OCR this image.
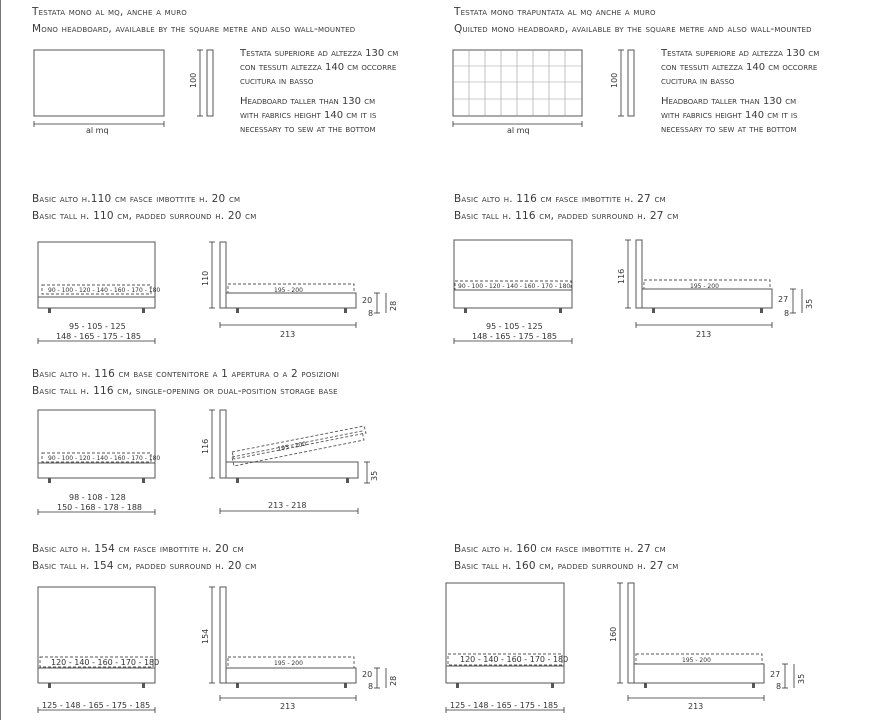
Testata mono al mq, anche a muro
Mono headboard, available by the square metre and also wall-mounted
Testata mono trapuntata al mq anche a muro
Quilted mono headboard, available by the square metre and also wall-mounted
Testata superiore ad altezza 130 cm
con tessuti altezza 140 cm occorre
cucitura in basso
Headboard taller than 130 cm
with fabrics height 140 cm it is
necessary to sew at the bottom
Testata superiore ad altezza 130 cm
con tessuti altezza 140 cm occorre
cucitura in basso
Headboard taller than 130 cm
with fabrics height 140 cm it is
necessary to sew at the bottom
Basic alto h.110 cm fasce imbottite h. 20 cm
Basic tall h. 110 cm, padded surround h. 20 cm
Basic alto h. 116 cm fasce imbottite h. 27 cm
Basic tall h. 116 cm, padded surround h. 27 cm
Basic alto h. 116 cm base contenitore a 1 apertura o a 2 posizioni
Basic tall h. 116 cm, single-opening or dual-position storage base
Basic alto h. 154 cm fasce imbottite h. 20 cm
Basic tall h. 154 cm, padded surround h. 20 cm
Basic alto h. 160 cm fasce imbottite h. 27 cm
Basic tall h. 160 cm, padded surround h. 27 cm
100
al mq
100
al mq
90 - 100 - 120 - 140 - 160 - 170 - 180
95 - 105 - 125
148 - 165 - 175 - 185
195 - 200
110
213
20
8
28
90 - 100 - 120 - 140 - 160 - 170 - 180
95 - 105 - 125
148 - 165 - 175 - 185
195 - 200
116
213
27
8
35
90 - 100 - 120 - 140 - 160 - 170 - 180
98 - 108 - 128
150 - 168 - 178 - 188
195 - 200
116
213 - 218
35
120 - 140 - 160 - 170 - 180
125 - 148 - 165 - 175 - 185
195 - 200
154
213
20
8
28
120 - 140 - 160 - 170 - 180
125 - 148 - 165 - 175 - 185
195 - 200
160
213
27
8
35
